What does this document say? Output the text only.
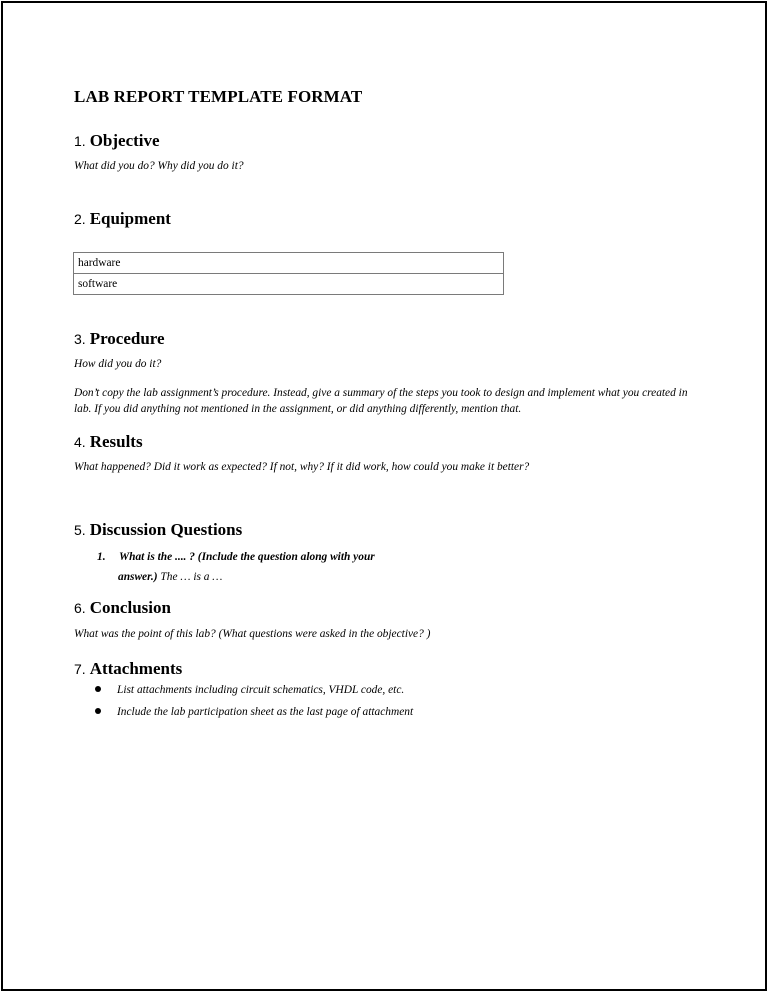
LAB REPORT TEMPLATE FORMAT
1. Objective

What did you do? Why did you do it?

2. Equipment
hardware
software
3. Procedure

How did you do it?

Don’t copy the lab assignment’s procedure. Instead, give a summary of the steps you took to design and implement what you created in lab. If you did anything not mentioned in the assignment, or did anything differently, mention that.

4. Results

What happened? Did it work as expected? If not, why? If it did work, how could you make it better?

5. Discussion Questions
1. What is the .... ? (Include the question along with your
answer.) The … is a …
6. Conclusion

What was the point of this lab? (What questions were asked in the objective? )

7. Attachments
List attachments including circuit schematics, VHDL code, etc.
Include the lab participation sheet as the last page of attachment
